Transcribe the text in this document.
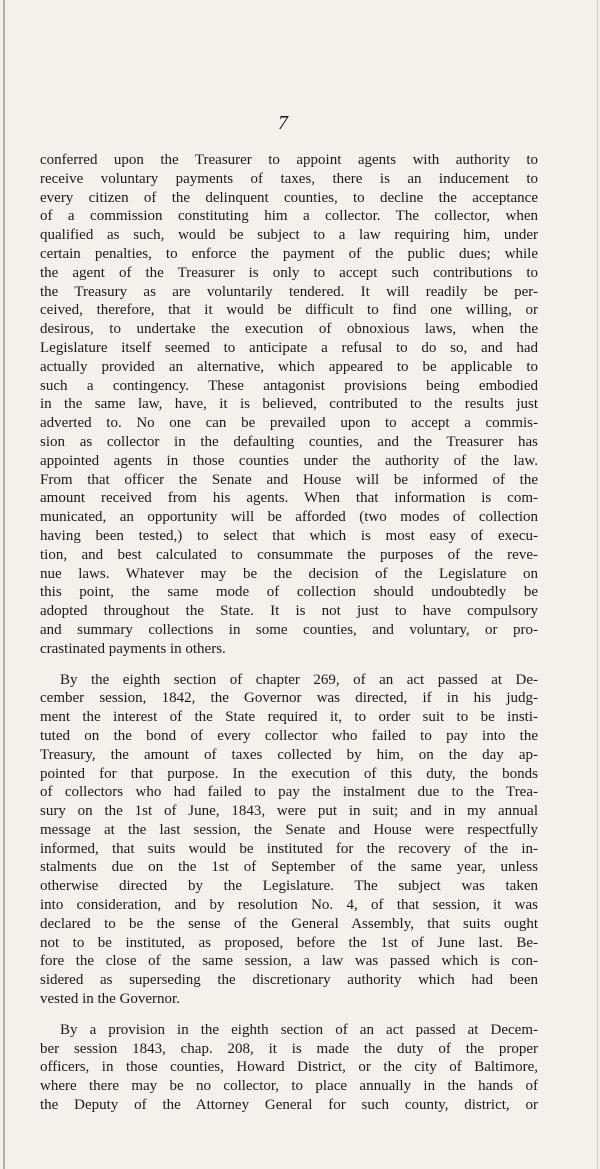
7
conferred upon the Treasurer to appoint agents with authority to
receive voluntary payments of taxes, there is an inducement to
every citizen of the delinquent counties, to decline the acceptance
of a commission constituting him a collector. The collector, when
qualified as such, would be subject to a law requiring him, under
certain penalties, to enforce the payment of the public dues; while
the agent of the Treasurer is only to accept such contributions to
the Treasury as are voluntarily tendered. It will readily be per-
ceived, therefore, that it would be difficult to find one willing, or
desirous, to undertake the execution of obnoxious laws, when the
Legislature itself seemed to anticipate a refusal to do so, and had
actually provided an alternative, which appeared to be applicable to
such a contingency. These antagonist provisions being embodied
in the same law, have, it is believed, contributed to the results just
adverted to. No one can be prevailed upon to accept a commis-
sion as collector in the defaulting counties, and the Treasurer has
appointed agents in those counties under the authority of the law.
From that officer the Senate and House will be informed of the
amount received from his agents. When that information is com-
municated, an opportunity will be afforded (two modes of collection
having been tested,) to select that which is most easy of execu-
tion, and best calculated to consummate the purposes of the reve-
nue laws. Whatever may be the decision of the Legislature on
this point, the same mode of collection should undoubtedly be
adopted throughout the State. It is not just to have compulsory
and summary collections in some counties, and voluntary, or pro-
crastinated payments in others.
By the eighth section of chapter 269, of an act passed at De-
cember session, 1842, the Governor was directed, if in his judg-
ment the interest of the State required it, to order suit to be insti-
tuted on the bond of every collector who failed to pay into the
Treasury, the amount of taxes collected by him, on the day ap-
pointed for that purpose. In the execution of this duty, the bonds
of collectors who had failed to pay the instalment due to the Trea-
sury on the 1st of June, 1843, were put in suit; and in my annual
message at the last session, the Senate and House were respectfully
informed, that suits would be instituted for the recovery of the in-
stalments due on the 1st of September of the same year, unless
otherwise directed by the Legislature. The subject was taken
into consideration, and by resolution No. 4, of that session, it was
declared to be the sense of the General Assembly, that suits ought
not to be instituted, as proposed, before the 1st of June last. Be-
fore the close of the same session, a law was passed which is con-
sidered as superseding the discretionary authority which had been
vested in the Governor.
By a provision in the eighth section of an act passed at Decem-
ber session 1843, chap. 208, it is made the duty of the proper
officers, in those counties, Howard District, or the city of Baltimore,
where there may be no collector, to place annually in the hands of
the Deputy of the Attorney General for such county, district, or
